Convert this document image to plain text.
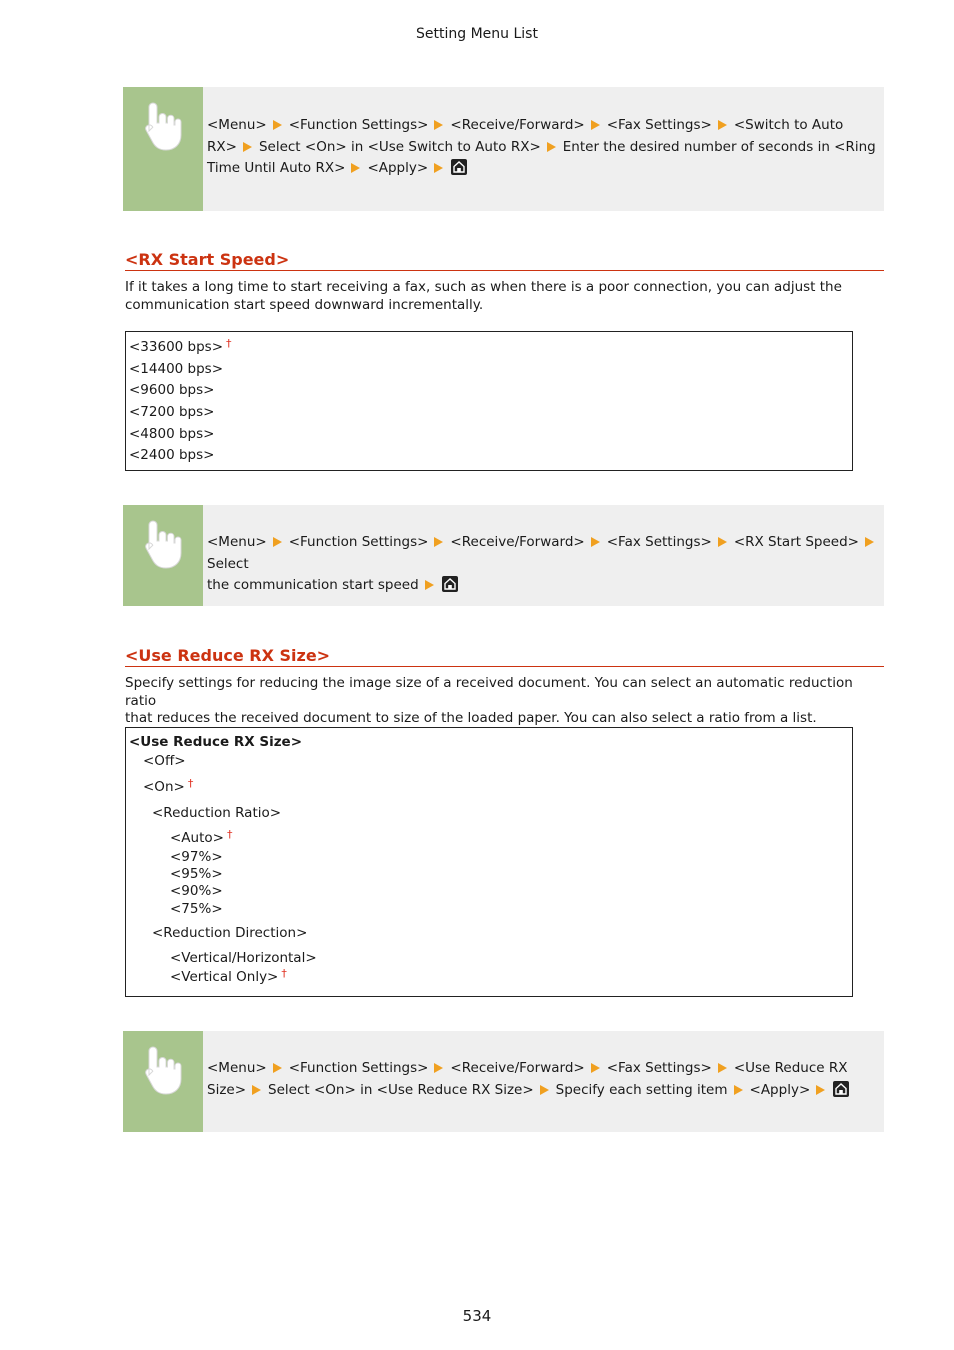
Setting Menu List
<Menu> <Function Settings> <Receive/Forward> <Fax Settings> <Switch to Auto
RX> Select <On> in <Use Switch to Auto RX> Enter the desired number of seconds in <Ring
Time Until Auto RX> <Apply>
<RX Start Speed>
If it takes a long time to start receiving a fax, such as when there is a poor connection, you can adjust the
communication start speed downward incrementally.
<33600 bps> †
<14400 bps>
<9600 bps>
<7200 bps>
<4800 bps>
<2400 bps>
<Menu> <Function Settings> <Receive/Forward> <Fax Settings> <RX Start Speed>Select
the communication start speed
<Use Reduce RX Size>
Specify settings for reducing the image size of a received document. You can select an automatic reduction ratio
that reduces the received document to size of the loaded paper. You can also select a ratio from a list.
<Use Reduce RX Size>
<Off>
<On> †
<Reduction Ratio>
<Auto> †
<97%>
<95%>
<90%>
<75%>
<Reduction Direction>
<Vertical/Horizontal>
<Vertical Only> †
<Menu> <Function Settings> <Receive/Forward> <Fax Settings> <Use Reduce RX
Size> Select <On> in <Use Reduce RX Size> Specify each setting item <Apply>
534
